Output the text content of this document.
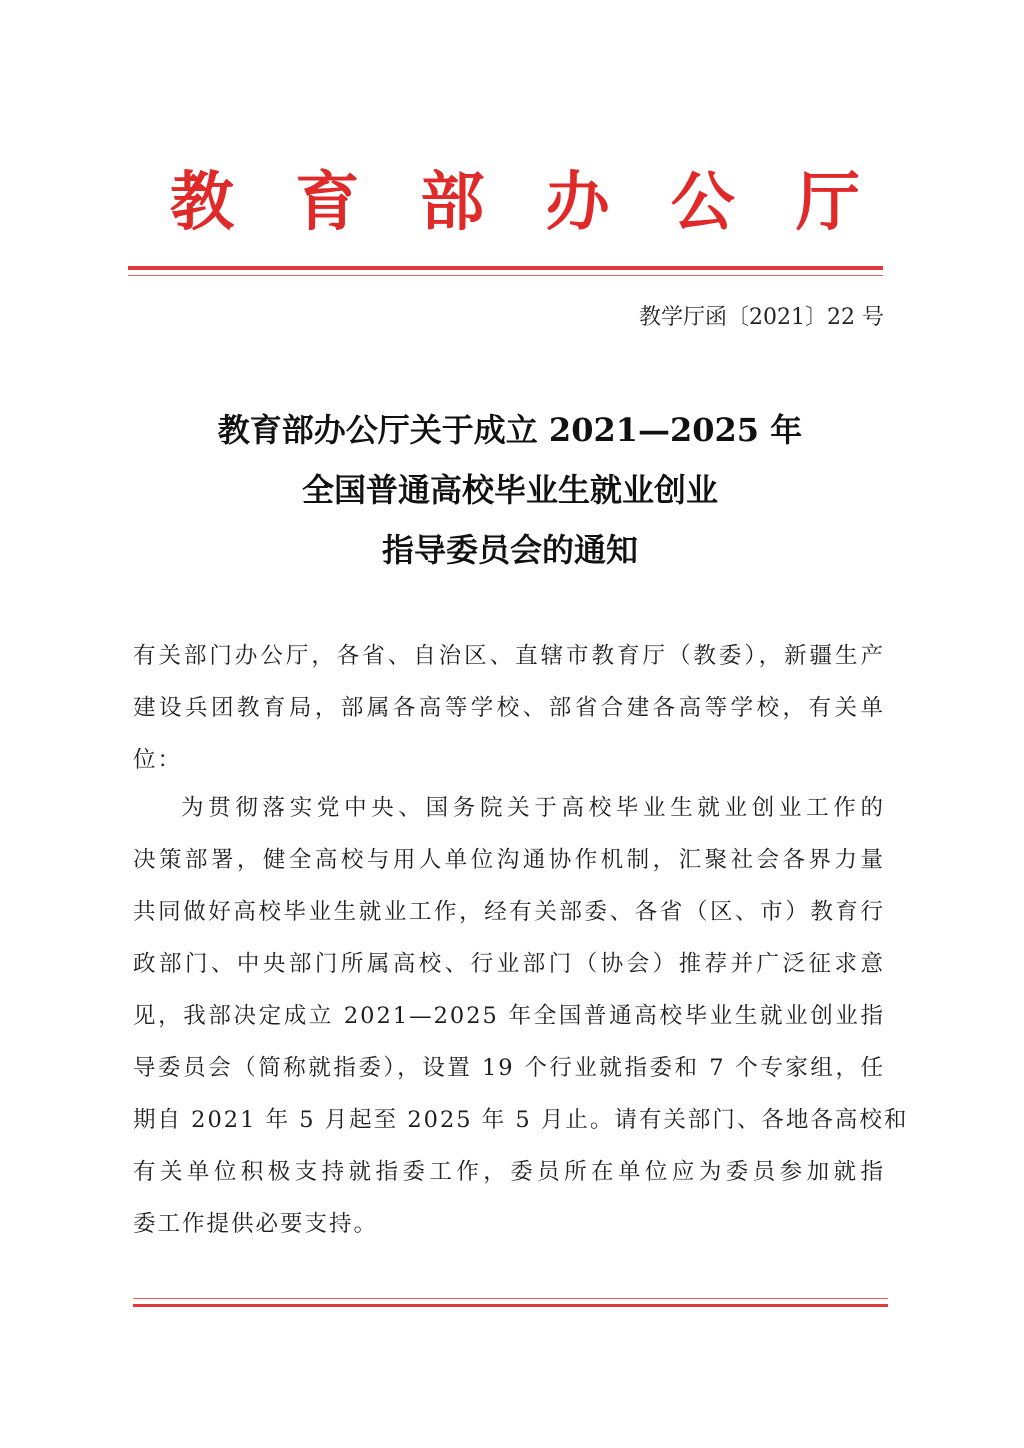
教 育 部 办 公 厅
教学厅函〔2021〕22 号
教育部办公厅关于成立 2021—2025 年
全国普通高校毕业生就业创业
指导委员会的通知
有关部门办公厅，各省、自治区、直辖市教育厅（教委），新疆生产
建设兵团教育局，部属各高等学校、部省合建各高等学校，有关单
位：
为贯彻落实党中央、国务院关于高校毕业生就业创业工作的
决策部署，健全高校与用人单位沟通协作机制，汇聚社会各界力量
共同做好高校毕业生就业工作，经有关部委、各省（区、市）教育行
政部门、中央部门所属高校、行业部门（协会）推荐并广泛征求意
见，我部决定成立 2021—2025 年全国普通高校毕业生就业创业指
导委员会（简称就指委），设置 19 个行业就指委和 7 个专家组，任
期自 2021 年 5 月起至 2025 年 5 月止。请有关部门、各地各高校和
有关单位积极支持就指委工作，委员所在单位应为委员参加就指
委工作提供必要支持。
